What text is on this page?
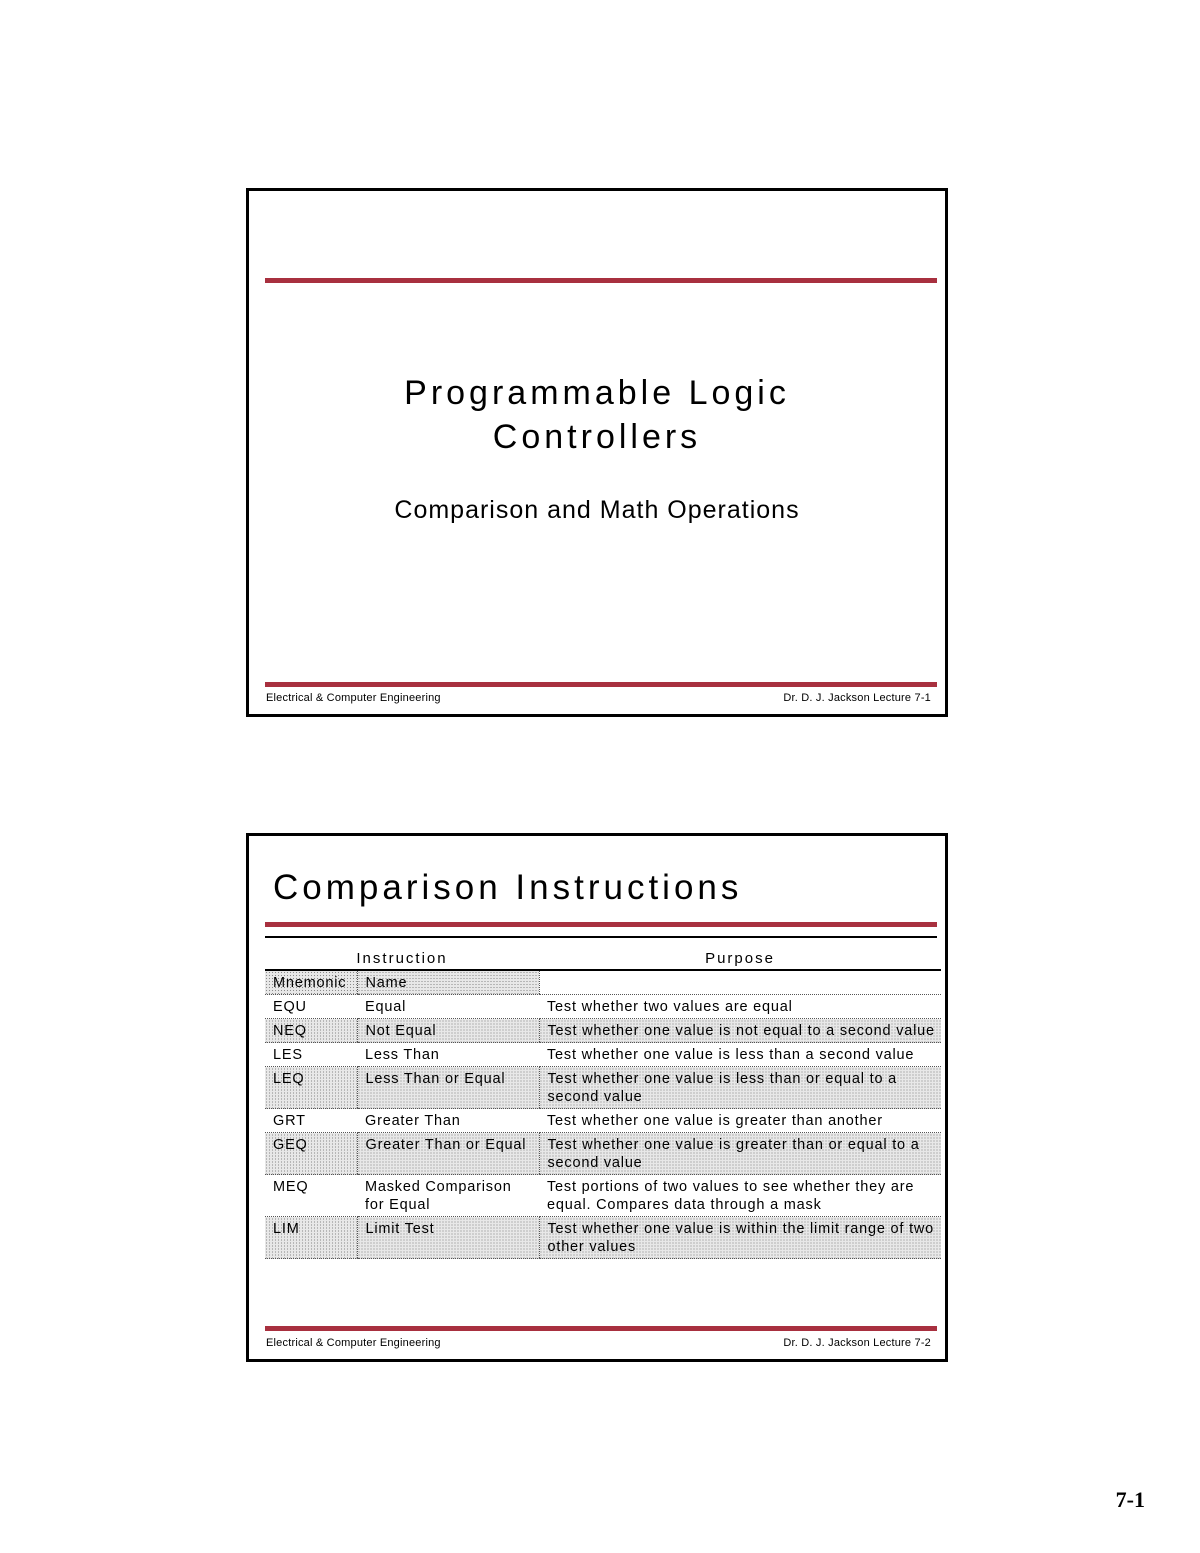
Programmable Logic
Controllers
Comparison and Math Operations
Electrical & Computer Engineering	Dr. D. J. Jackson Lecture 7-1
Comparison Instructions
Instruction		Purpose
Mnemonic	Name	
EQU	Equal	Test whether two values are equal
NEQ	Not Equal	Test whether one value is not equal to a second value
LES	Less Than	Test whether one value is less than a second value
LEQ	Less Than or Equal	Test whether one value is less than or equal to a second value
GRT	Greater Than	Test whether one value is greater than another
GEQ	Greater Than or Equal	Test whether one value is greater than or equal to a second value
MEQ	Masked Comparison for Equal	Test portions of two values to see whether they are equal. Compares data through a mask
LIM	Limit Test	Test whether one value is within the limit range of two other values
Electrical & Computer Engineering	Dr. D. J. Jackson Lecture 7-2
7-1
